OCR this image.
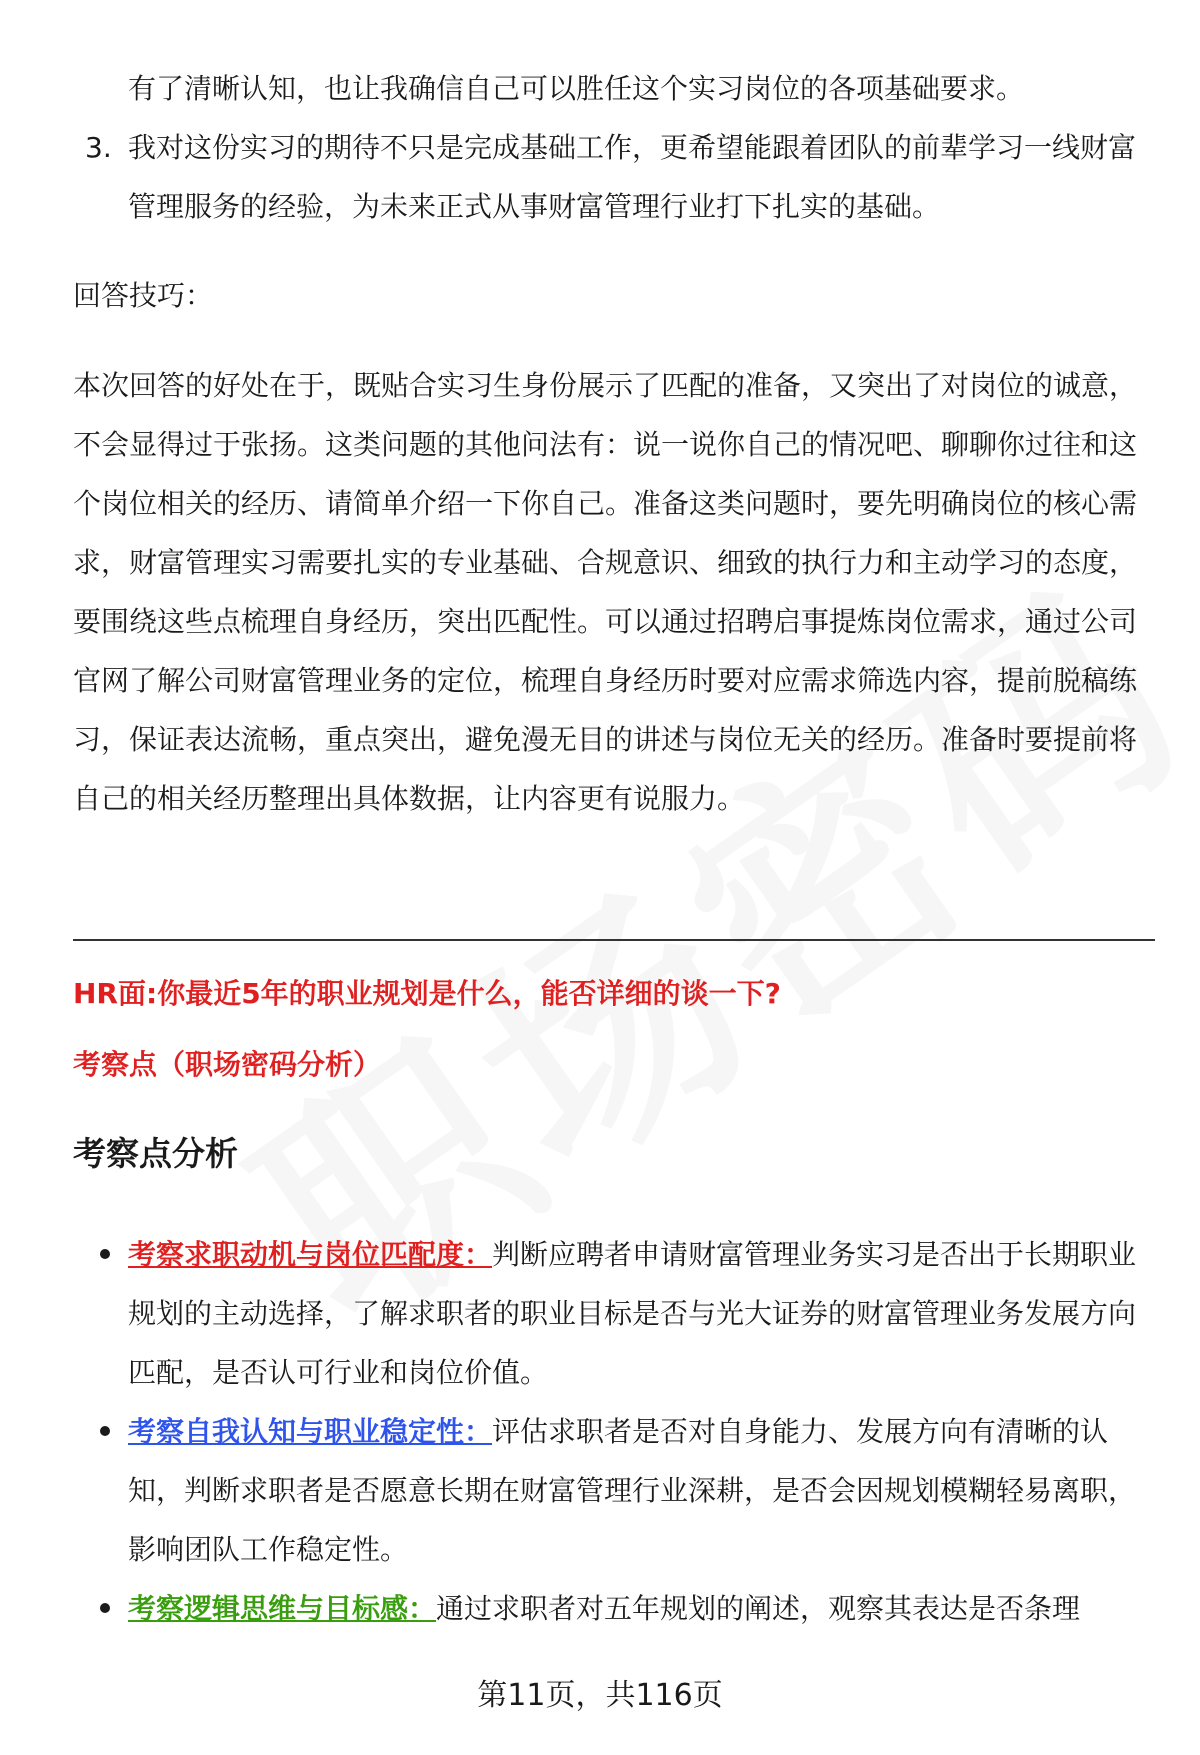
有了清晰认知，也让我确信自己可以胜任这个实习岗位的各项基础要求。

3. 我对这份实习的期待不只是完成基础工作，更希望能跟着团队的前辈学习一线财富管理服务的经验，为未来正式从事财富管理行业打下扎实的基础。

回答技巧：

本次回答的好处在于，既贴合实习生身份展示了匹配的准备，又突出了对岗位的诚意，不会显得过于张扬。这类问题的其他问法有：说一说你自己的情况吧、聊聊你过往和这个岗位相关的经历、请简单介绍一下你自己。准备这类问题时，要先明确岗位的核心需求，财富管理实习需要扎实的专业基础、合规意识、细致的执行力和主动学习的态度，要围绕这些点梳理自身经历，突出匹配性。可以通过招聘启事提炼岗位需求，通过公司官网了解公司财富管理业务的定位，梳理自身经历时要对应需求筛选内容，提前脱稿练习，保证表达流畅，重点突出，避免漫无目的讲述与岗位无关的经历。准备时要提前将自己的相关经历整理出具体数据，让内容更有说服力。

HR面:你最近5年的职业规划是什么，能否详细的谈一下?

考察点（职场密码分析）

考察点分析

考察求职动机与岗位匹配度：判断应聘者申请财富管理业务实习是否出于长期职业规划的主动选择，了解求职者的职业目标是否与光大证券的财富管理业务发展方向匹配，是否认可行业和岗位价值。
考察自我认知与职业稳定性：评估求职者是否对自身能力、发展方向有清晰的认知，判断求职者是否愿意长期在财富管理行业深耕，是否会因规划模糊轻易离职，影响团队工作稳定性。
考察逻辑思维与目标感：通过求职者对五年规划的阐述，观察其表达是否条理
第11页，共116页
